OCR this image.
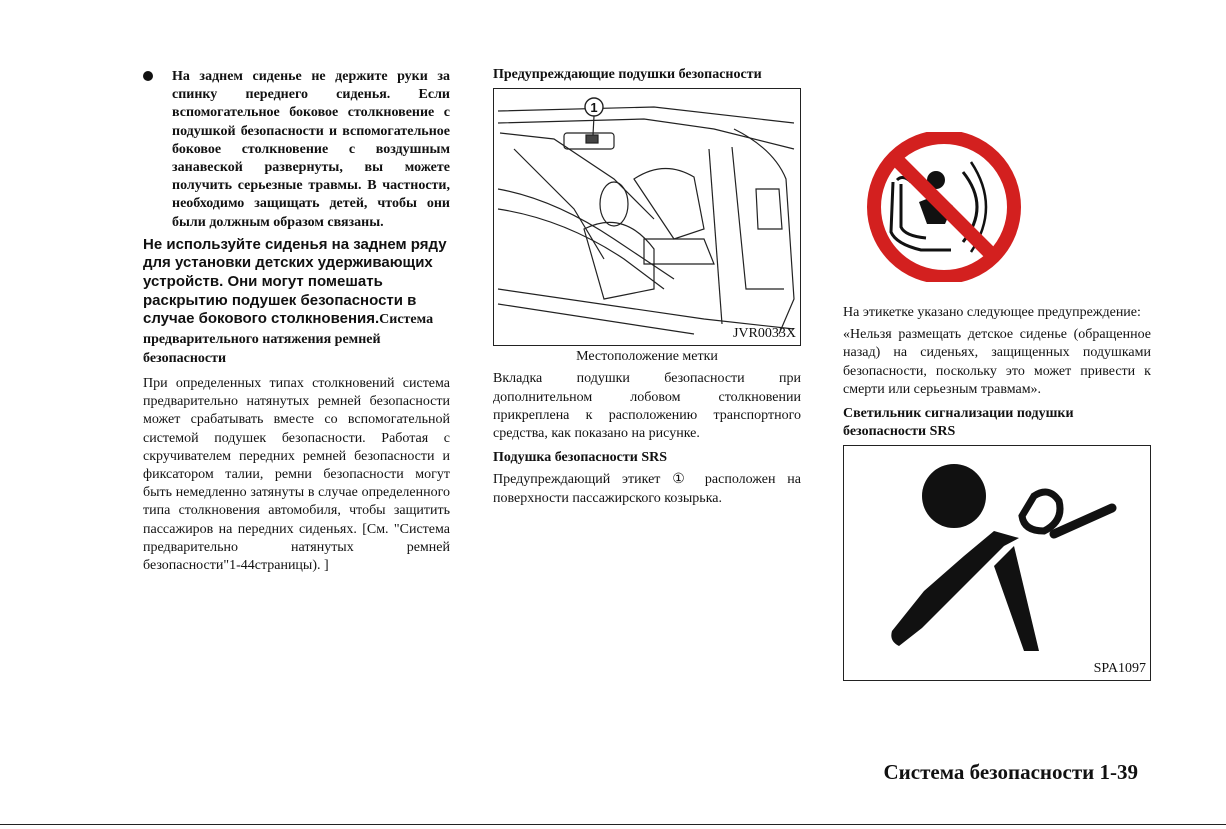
На заднем сиденье не держите руки за спинку переднего сиденья. Если вспомогательное боковое столкновение с подушкой безопасности и вспомогательное боковое столкновение с воздушным занавеской развернуты, вы можете получить серьезные травмы. В частности, необходимо защищать детей, чтобы они были должным образом связаны.

Не используйте сиденья на заднем ряду для установки детских удерживающих устройств. Они могут помешать раскрытию подушек безопасности в случае бокового столкновения.Система предварительного натяжения ремней безопасности

При определенных типах столкновений система предварительно натянутых ремней безопасности может срабатывать вместе со вспомогательной системой подушек безопасности. Работая с скручивателем передних ремней безопасности и фиксатором талии, ремни безопасности могут быть немедленно затянуты в случае определенного типа столкновения автомобиля, чтобы защитить пассажиров на передних сиденьях. [См. "Система предварительно натянутых ремней безопасности"1-44страницы). ]

Предупреждающие подушки безопасности

1
JVR0033X

Местоположение метки

Вкладка подушки безопасности при дополнительном лобовом столкновении прикреплена к расположению транспортного средства, как показано на рисунке.

Подушка безопасности SRS

Предупреждающий этикет ① расположен на поверхности пассажирского козырька.

На этикетке указано следующее предупреждение:

«Нельзя размещать детское сиденье (обращенное назад) на сиденьях, защищенных подушками безопасности, поскольку это может привести к смерти или серьезным травмам».

Светильник сигнализации подушки безопасности SRS

SPA1097
Система безопасности 1-39
